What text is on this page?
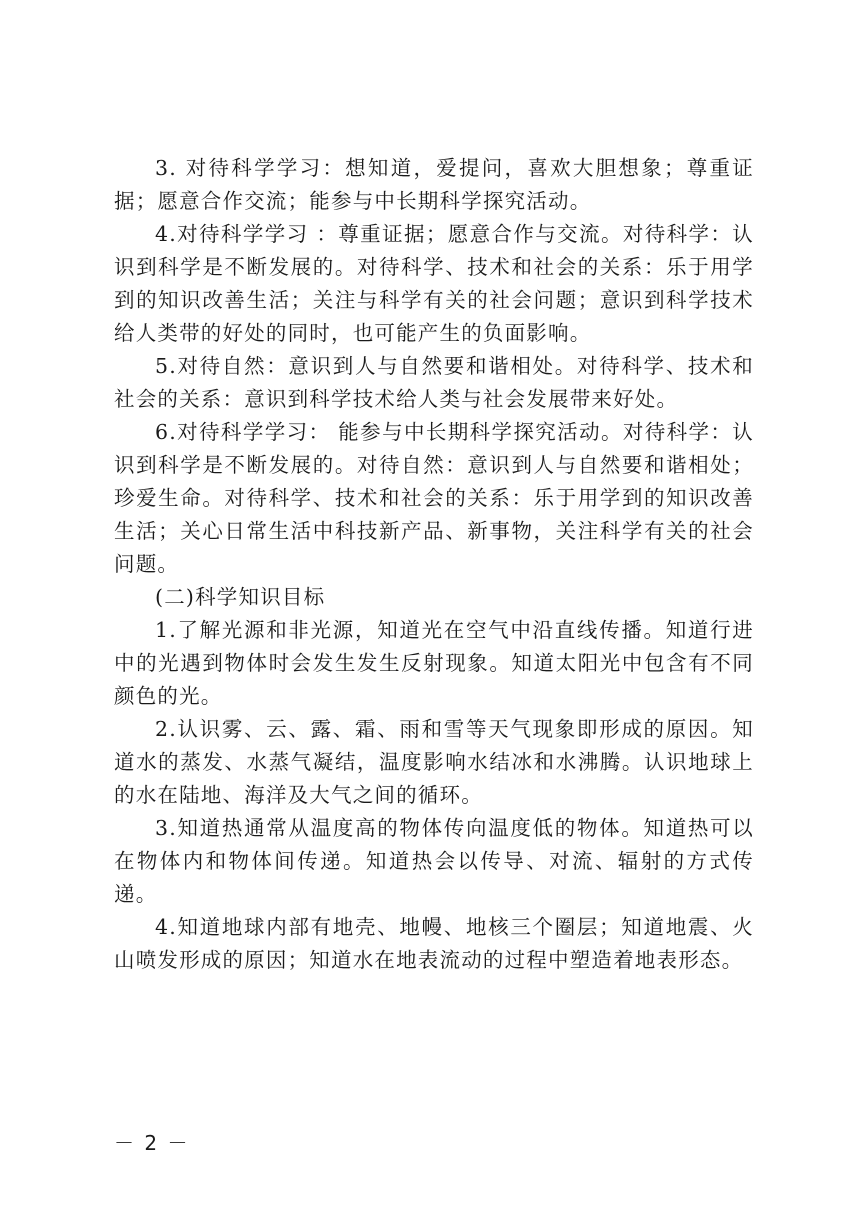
3. 对待科学学习：想知道，爱提问，喜欢大胆想象；尊重证据；愿意合作交流；能参与中长期科学探究活动。

4.对待科学学习 ：尊重证据；愿意合作与交流。对待科学：认识到科学是不断发展的。对待科学、技术和社会的关系：乐于用学到的知识改善生活；关注与科学有关的社会问题；意识到科学技术给人类带的好处的同时，也可能产生的负面影响。

5.对待自然：意识到人与自然要和谐相处。对待科学、技术和社会的关系：意识到科学技术给人类与社会发展带来好处。

6.对待科学学习： 能参与中长期科学探究活动。对待科学：认识到科学是不断发展的。对待自然：意识到人与自然要和谐相处；珍爱生命。对待科学、技术和社会的关系：乐于用学到的知识改善生活；关心日常生活中科技新产品、新事物，关注科学有关的社会问题。

(二)科学知识目标

1.了解光源和非光源，知道光在空气中沿直线传播。知道行进中的光遇到物体时会发生发生反射现象。知道太阳光中包含有不同颜色的光。

2.认识雾、云、露、霜、雨和雪等天气现象即形成的原因。知道水的蒸发、水蒸气凝结，温度影响水结冰和水沸腾。认识地球上的水在陆地、海洋及大气之间的循环。

3.知道热通常从温度高的物体传向温度低的物体。知道热可以在物体内和物体间传递。知道热会以传导、对流、辐射的方式传递。

4.知道地球内部有地壳、地幔、地核三个圈层；知道地震、火山喷发形成的原因；知道水在地表流动的过程中塑造着地表形态。

－ 2 －
